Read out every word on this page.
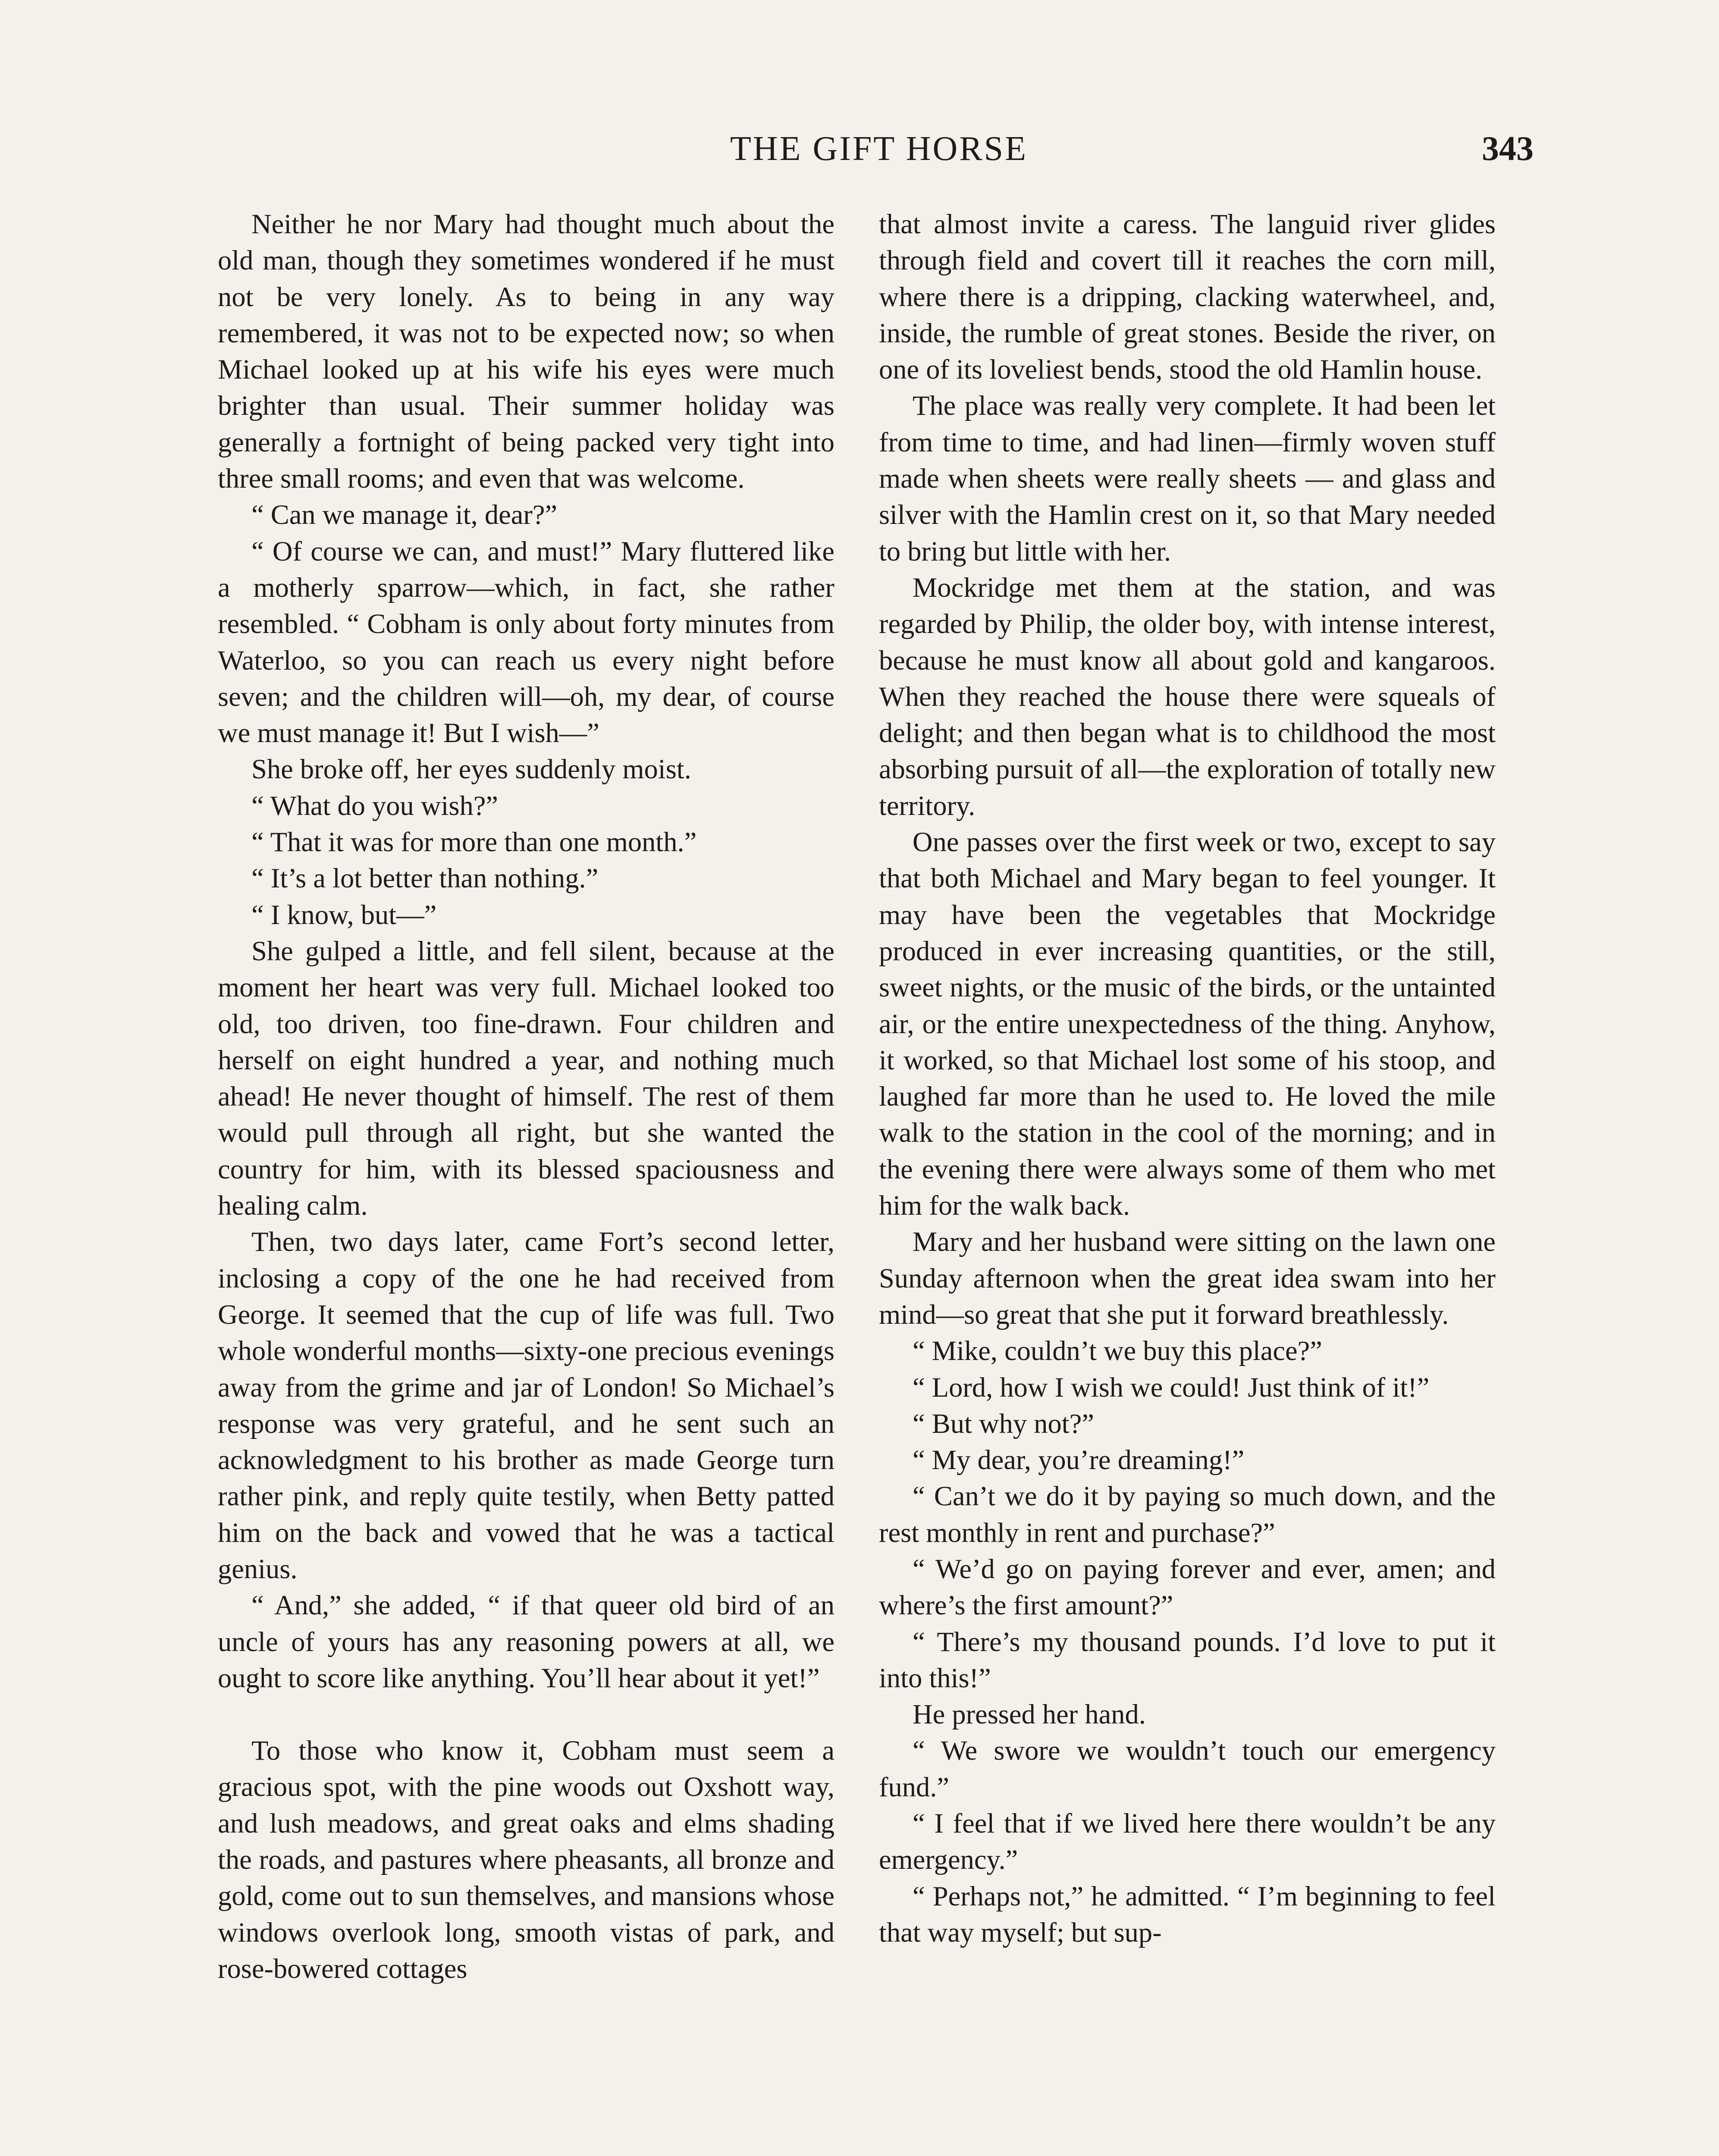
THE GIFT HORSE	343

Neither he nor Mary had thought much about the old man, though they sometimes wondered if he must not be very lonely. As to being in any way remembered, it was not to be expected now; so when Michael looked up at his wife his eyes were much brighter than usual. Their summer holiday was generally a fortnight of being packed very tight into three small rooms; and even that was welcome.

“ Can we manage it, dear?”

“ Of course we can, and must!” Mary fluttered like a motherly sparrow—which, in fact, she rather resembled. “ Cobham is only about forty minutes from Waterloo, so you can reach us every night before seven; and the children will—oh, my dear, of course we must manage it! But I wish—”

She broke off, her eyes suddenly moist.

“ What do you wish?”

“ That it was for more than one month.”

“ It’s a lot better than nothing.”

“ I know, but—”

She gulped a little, and fell silent, because at the moment her heart was very full. Michael looked too old, too driven, too fine-drawn. Four children and herself on eight hundred a year, and nothing much ahead! He never thought of himself. The rest of them would pull through all right, but she wanted the country for him, with its blessed spaciousness and healing calm.

Then, two days later, came Fort’s second letter, inclosing a copy of the one he had received from George. It seemed that the cup of life was full. Two whole wonderful months—sixty-one precious evenings away from the grime and jar of London! So Michael’s response was very grateful, and he sent such an acknowledgment to his brother as made George turn rather pink, and reply quite testily, when Betty patted him on the back and vowed that he was a tactical genius.

“ And,” she added, “ if that queer old bird of an uncle of yours has any reasoning powers at all, we ought to score like anything. You’ll hear about it yet!”

To those who know it, Cobham must seem a gracious spot, with the pine woods out Oxshott way, and lush meadows, and great oaks and elms shading the roads, and pastures where pheasants, all bronze and gold, come out to sun themselves, and mansions whose windows overlook long, smooth vistas of park, and rose-bowered cottages

that almost invite a caress. The languid river glides through field and covert till it reaches the corn mill, where there is a dripping, clacking waterwheel, and, inside, the rumble of great stones. Beside the river, on one of its loveliest bends, stood the old Hamlin house.

The place was really very complete. It had been let from time to time, and had linen—firmly woven stuff made when sheets were really sheets — and glass and silver with the Hamlin crest on it, so that Mary needed to bring but little with her.

Mockridge met them at the station, and was regarded by Philip, the older boy, with intense interest, because he must know all about gold and kangaroos. When they reached the house there were squeals of delight; and then began what is to childhood the most absorbing pursuit of all—the exploration of totally new territory.

One passes over the first week or two, except to say that both Michael and Mary began to feel younger. It may have been the vegetables that Mockridge produced in ever increasing quantities, or the still, sweet nights, or the music of the birds, or the untainted air, or the entire unexpectedness of the thing. Anyhow, it worked, so that Michael lost some of his stoop, and laughed far more than he used to. He loved the mile walk to the station in the cool of the morning; and in the evening there were always some of them who met him for the walk back.

Mary and her husband were sitting on the lawn one Sunday afternoon when the great idea swam into her mind—so great that she put it forward breathlessly.

“ Mike, couldn’t we buy this place?”

“ Lord, how I wish we could! Just think of it!”

“ But why not?”

“ My dear, you’re dreaming!”

“ Can’t we do it by paying so much down, and the rest monthly in rent and purchase?”

“ We’d go on paying forever and ever, amen; and where’s the first amount?”

“ There’s my thousand pounds. I’d love to put it into this!”

He pressed her hand.

“ We swore we wouldn’t touch our emergency fund.”

“ I feel that if we lived here there wouldn’t be any emergency.”

“ Perhaps not,” he admitted. “ I’m beginning to feel that way myself; but sup-
